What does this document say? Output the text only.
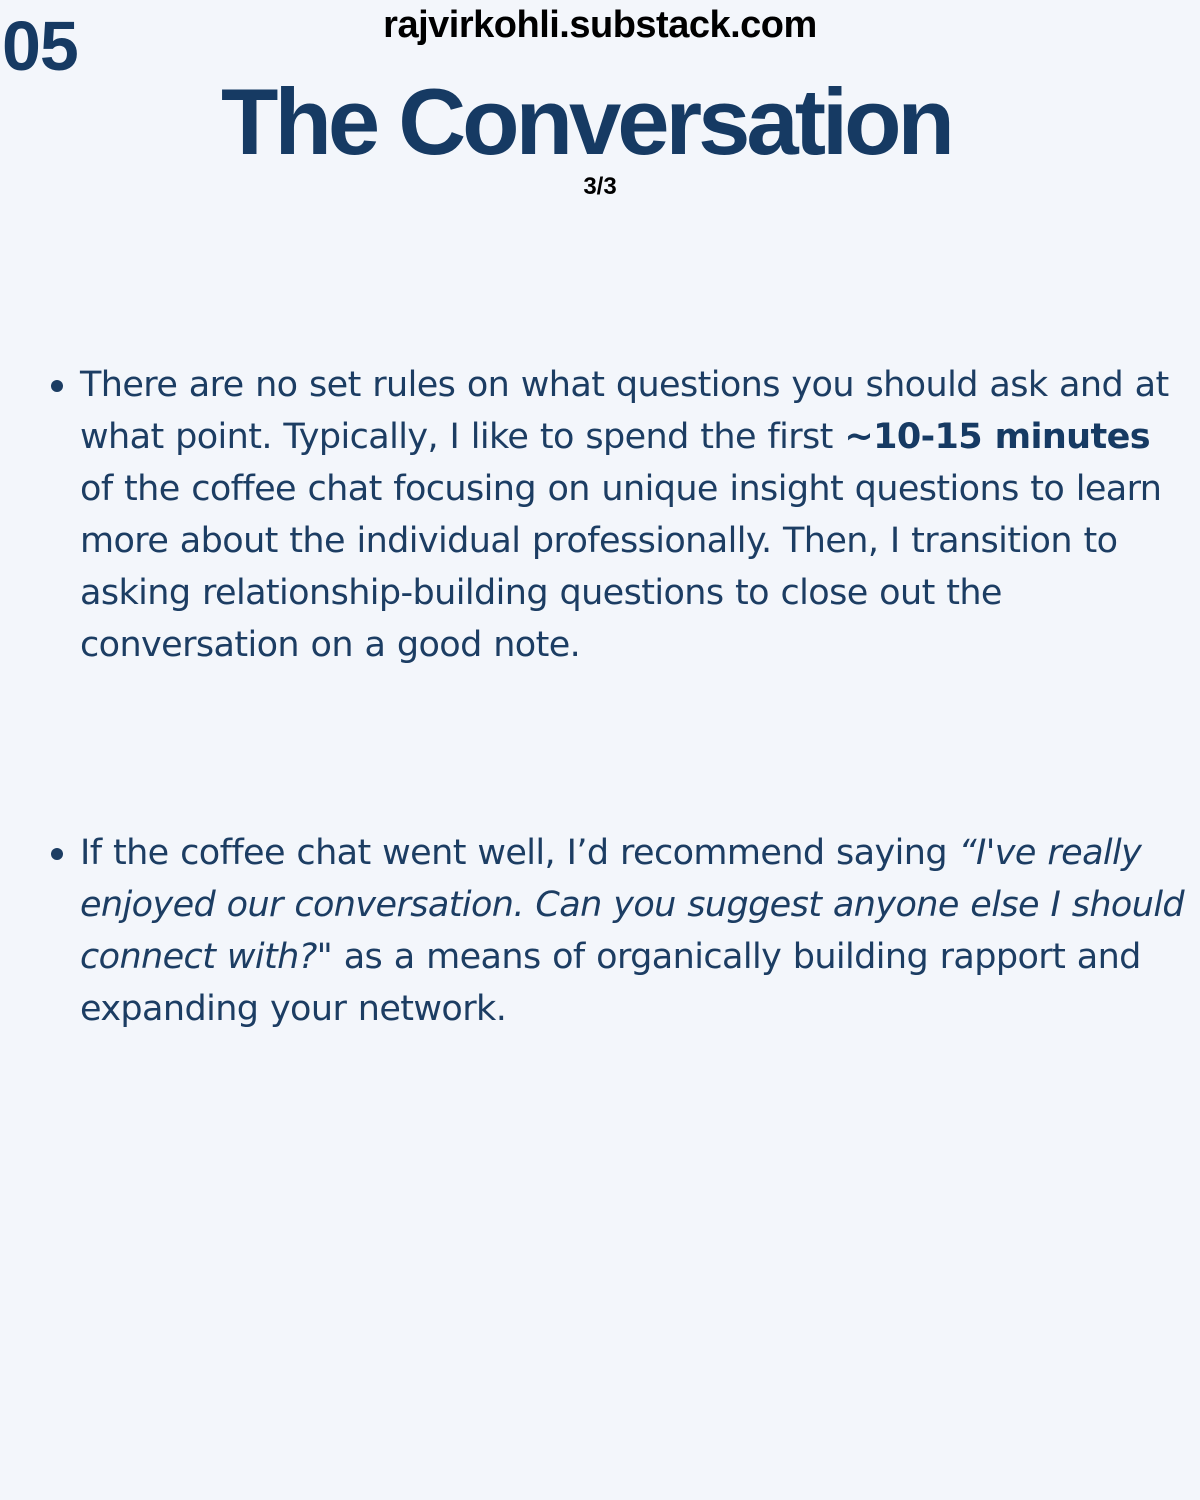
05	rajvirkohli.substack.com
The Conversation
3/3
There are no set rules on what questions you should ask and at what point. Typically, I like to spend the first ~10-15 minutes of the coffee chat focusing on unique insight questions to learn more about the individual professionally. Then, I transition to asking relationship-building questions to close out the conversation on a good note.
If the coffee chat went well, I’d recommend saying “I've really enjoyed our conversation. Can you suggest anyone else I should connect with?" as a means of organically building rapport and expanding your network.
